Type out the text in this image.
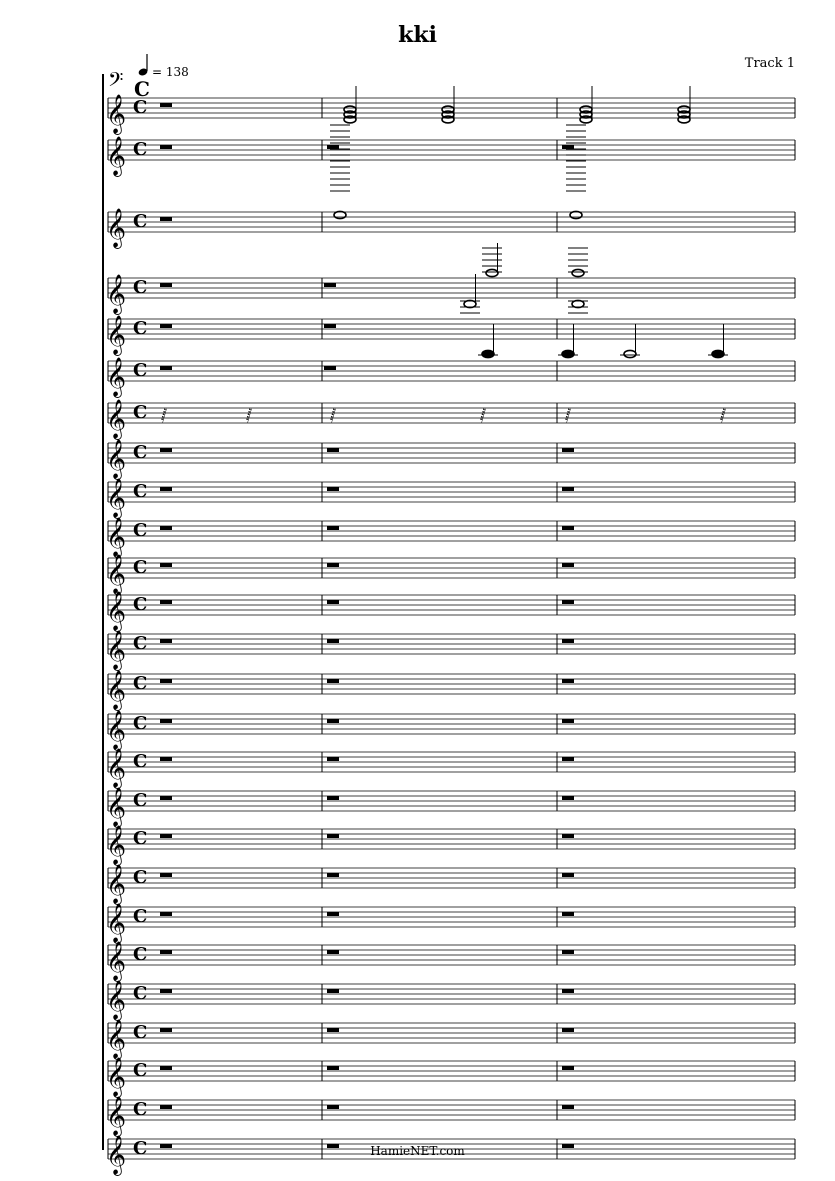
kki
Track 1
= 138
𝄢 C
𝄞 C
𝄞 C
𝄞 C
𝄞 C
𝄞 C
𝄞 C
𝄞 C 𝅂	𝅂	𝅂	𝅂	𝅂	𝅂
𝄞 C
𝄞 C
𝄞 C
𝄞 C
𝄞 C
𝄞 C
𝄞 C
𝄞 C
𝄞 C
𝄞 C
𝄞 C
𝄞 C
𝄞 C
𝄞 C
𝄞 C
𝄞 C
𝄞 C
𝄞 C
𝄞 C	HamieNET.com
